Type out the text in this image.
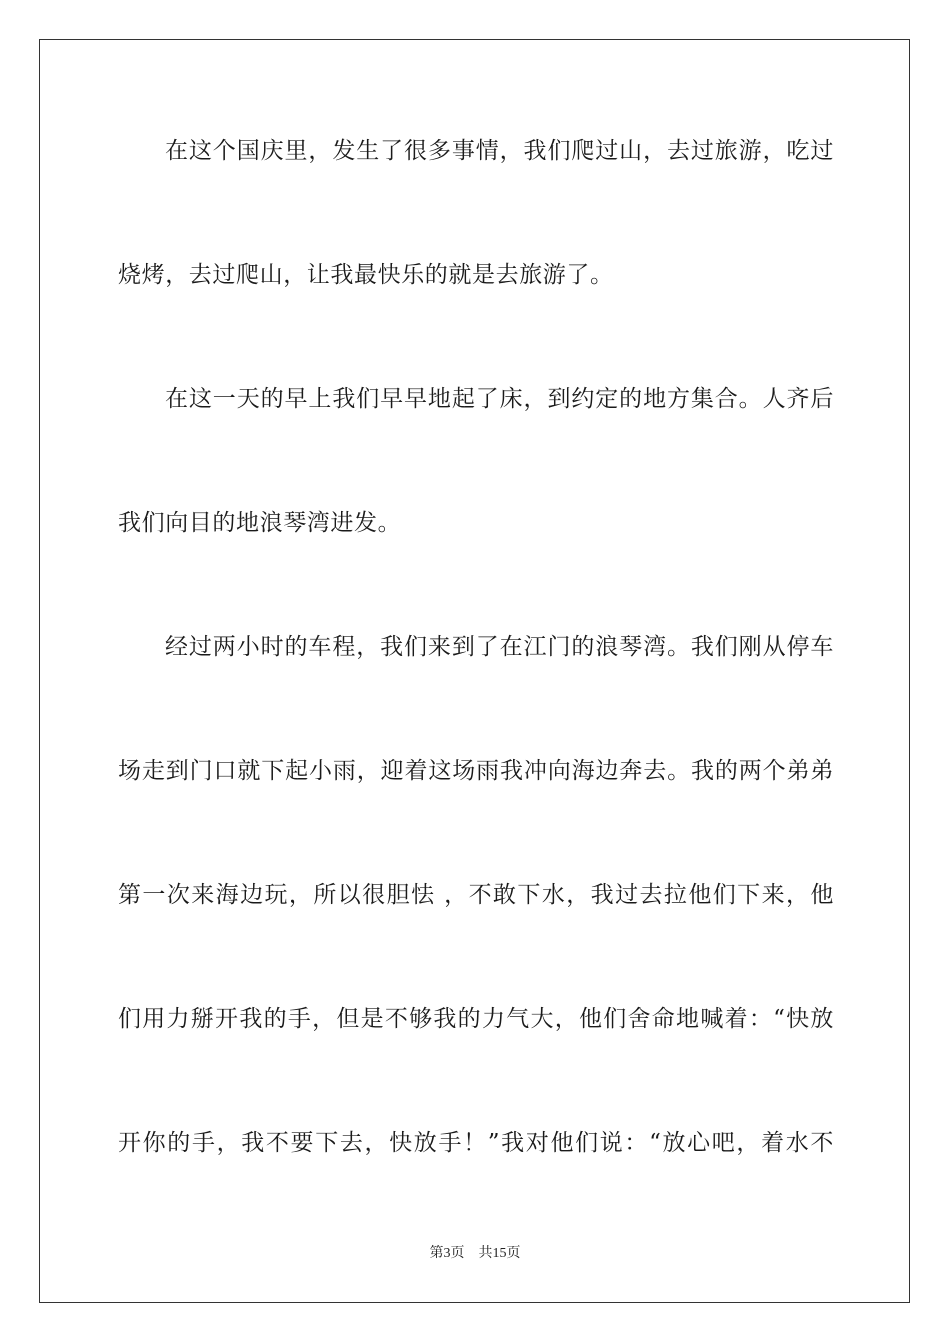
在这个国庆里，发生了很多事情，我们爬过山，去过旅游，吃过
烧烤，去过爬山，让我最快乐的就是去旅游了。
在这一天的早上我们早早地起了床，到约定的地方集合。人齐后
我们向目的地浪琴湾进发。
经过两小时的车程，我们来到了在江门的浪琴湾。我们刚从停车
场走到门口就下起小雨，迎着这场雨我冲向海边奔去。我的两个弟弟
第一次来海边玩，所以很胆怯 ，不敢下水，我过去拉他们下来，他
们用力掰开我的手，但是不够我的力气大，他们舍命地喊着：“快放
开你的手，我不要下去，快放手！”我对他们说：“放心吧，着水不
第3页 共15页
